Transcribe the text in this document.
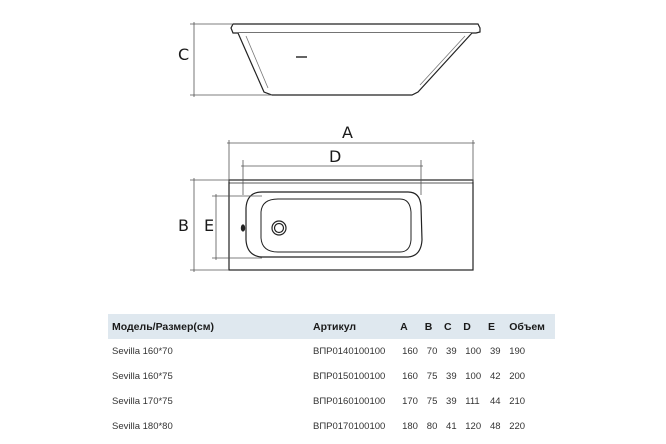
C
A
D
B E
Модель/Размер(см)	Артикул	A	B	C	D	E	Объем
Sevilla 160*70	ВПР0140100100	160	70	39	100	39	190
Sevilla 160*75	ВПР0150100100	160	75	39	100	42	200
Sevilla 170*75	ВПР0160100100	170	75	39	111	44	210
Sevilla 180*80	ВПР0170100100	180	80	41	120	48	220
